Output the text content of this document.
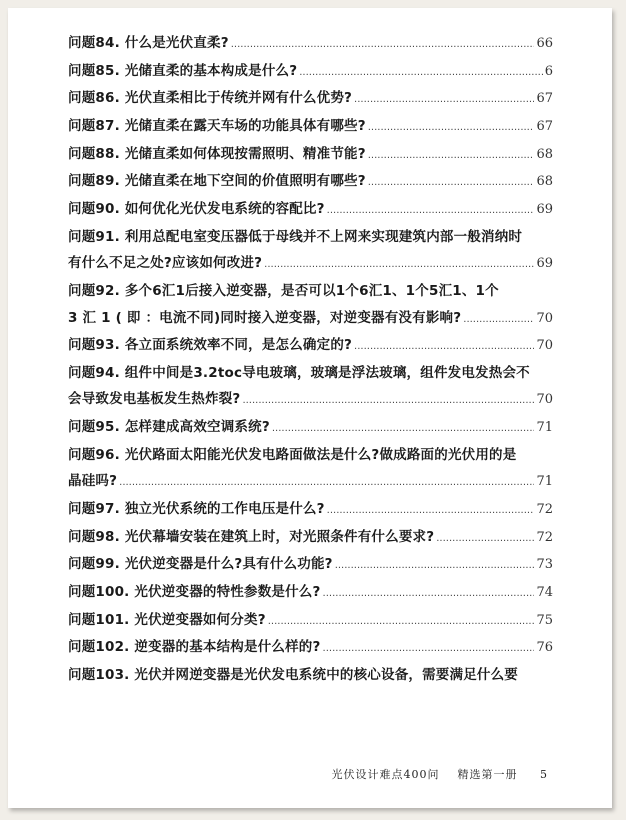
问题84. 什么是光伏直柔? .....	66
问题85. 光储直柔的基本构成是什么? .....	6
问题86. 光伏直柔相比于传统并网有什么优势? .....	67
问题87. 光储直柔在露天车场的功能具体有哪些? .....	67
问题88. 光储直柔如何体现按需照明、精准节能? .....	68
问题89. 光储直柔在地下空间的价值照明有哪些? .....	68
问题90. 如何优化光伏发电系统的容配比? .....	69
问题91. 利用总配电室变压器低于母线并不上网来实现建筑内部一般消纳时
有什么不足之处?应该如何改进? .....	69
问题92. 多个6汇1后接入逆变器，是否可以1个6汇1、1个5汇1、1个
3 汇 1 ( 即 ：电流不同)同时接入逆变器，对逆变器有没有影响? .....	70
问题93. 各立面系统效率不同，是怎么确定的? .....	70
问题94. 组件中间是3.2toc导电玻璃，玻璃是浮法玻璃，组件发电发热会不
会导致发电基板发生热炸裂? .....	70
问题95. 怎样建成高效空调系统? .....	71
问题96. 光伏路面太阳能光伏发电路面做法是什么?做成路面的光伏用的是
晶硅吗? .....	71
问题97. 独立光伏系统的工作电压是什么? .....	72
问题98. 光伏幕墙安装在建筑上时，对光照条件有什么要求? .....	72
问题99. 光伏逆变器是什么?具有什么功能? .....	73
问题100. 光伏逆变器的特性参数是什么? .....	74
问题101. 光伏逆变器如何分类? .....	75
问题102. 逆变器的基本结构是什么样的? .....	76
问题103. 光伏并网逆变器是光伏发电系统中的核心设备，需要满足什么要
光伏设计难点400问 精选第一册 5
